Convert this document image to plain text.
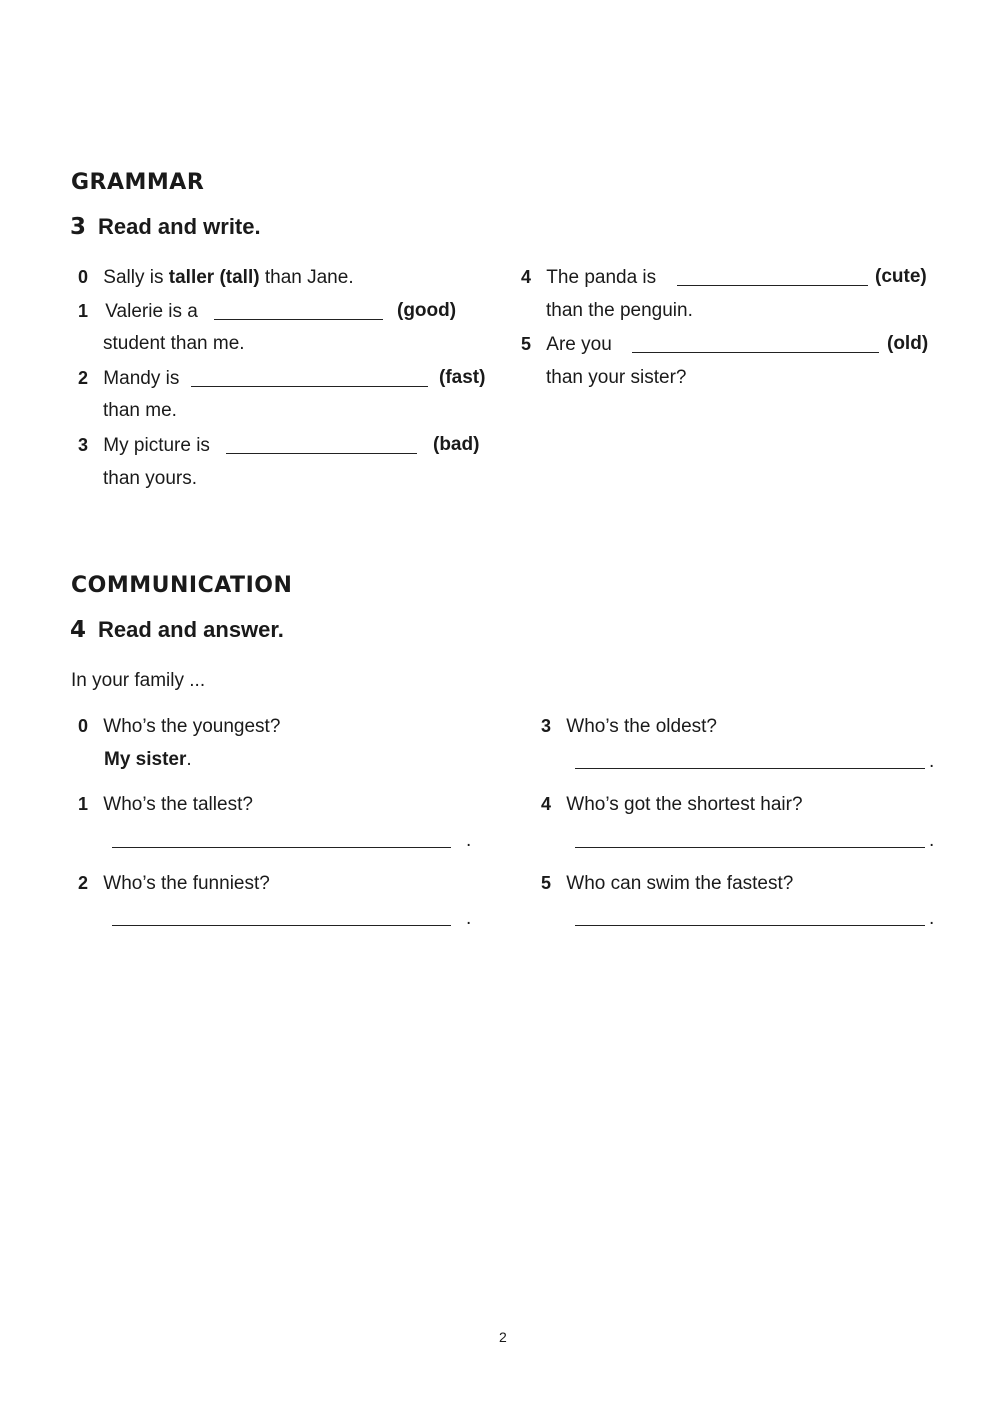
GRAMMAR
3 Read and write.
0 Sally is taller (tall) than Jane.
1 Valerie is a	(good)
student than me.
2 Mandy is	(fast)
than me.
3 My picture is	(bad)
than yours.
4 The panda is	(cute)
than the penguin.
5 Are you	(old)
than your sister?
COMMUNICATION
4 Read and answer.
In your family ...
0 Who’s the youngest?
My sister.
1 Who’s the tallest?
.
2 Who’s the funniest?
.
3 Who’s the oldest?
.
4 Who’s got the shortest hair?
.
5 Who can swim the fastest?
.
2
